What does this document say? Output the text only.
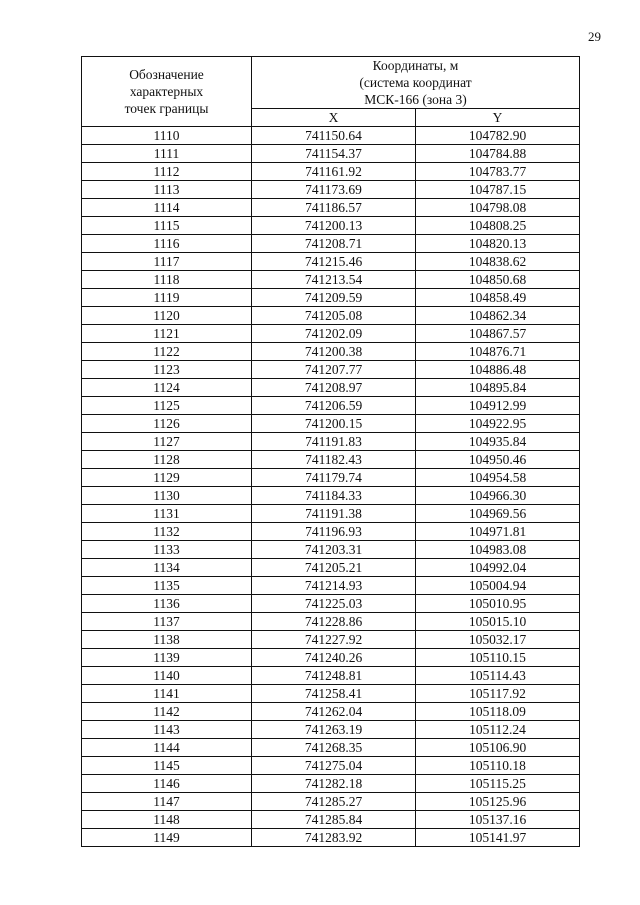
29
Обозначение
характерных
точек границы	Координаты, м
(система координат
МСК-166 (зона 3)	

	X	Y
1110	741150.64	104782.90
1111	741154.37	104784.88
1112	741161.92	104783.77
1113	741173.69	104787.15
1114	741186.57	104798.08
1115	741200.13	104808.25
1116	741208.71	104820.13
1117	741215.46	104838.62
1118	741213.54	104850.68
1119	741209.59	104858.49
1120	741205.08	104862.34
1121	741202.09	104867.57
1122	741200.38	104876.71
1123	741207.77	104886.48
1124	741208.97	104895.84
1125	741206.59	104912.99
1126	741200.15	104922.95
1127	741191.83	104935.84
1128	741182.43	104950.46
1129	741179.74	104954.58
1130	741184.33	104966.30
1131	741191.38	104969.56
1132	741196.93	104971.81
1133	741203.31	104983.08
1134	741205.21	104992.04
1135	741214.93	105004.94
1136	741225.03	105010.95
1137	741228.86	105015.10
1138	741227.92	105032.17
1139	741240.26	105110.15
1140	741248.81	105114.43
1141	741258.41	105117.92
1142	741262.04	105118.09
1143	741263.19	105112.24
1144	741268.35	105106.90
1145	741275.04	105110.18
1146	741282.18	105115.25
1147	741285.27	105125.96
1148	741285.84	105137.16
1149	741283.92	105141.97
